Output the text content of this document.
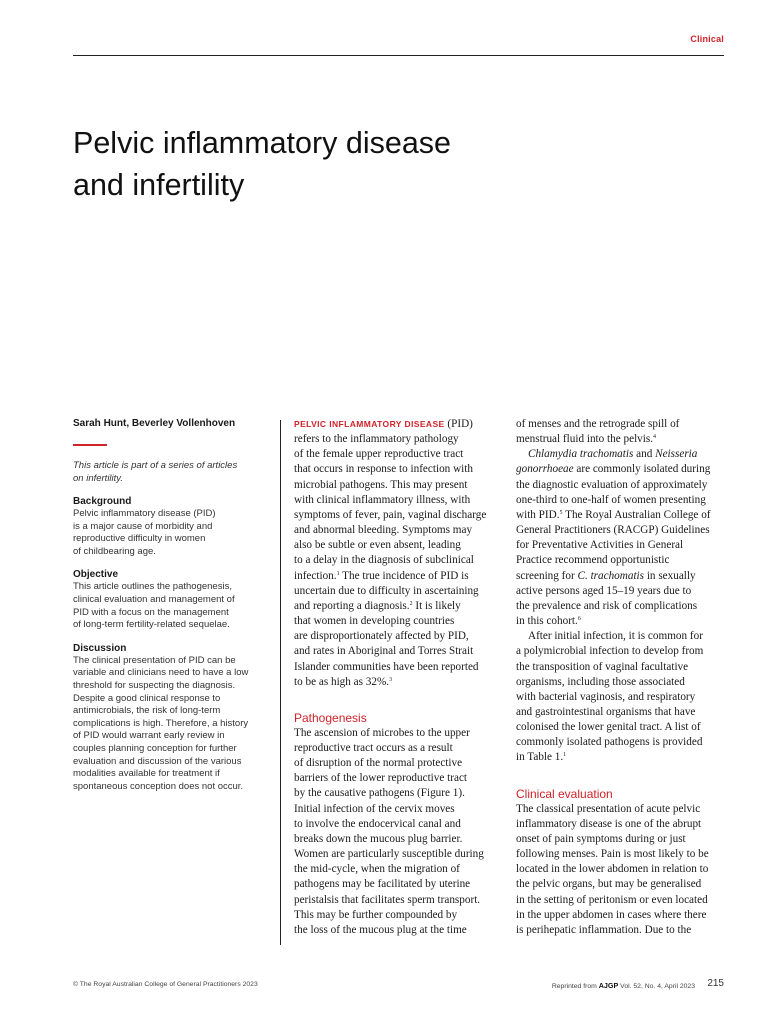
Clinical
Pelvic inflammatory disease
and infertility

Sarah Hunt, Beverley Vollenhoven

This article is part of a series of articles
on infertility.
Background
Pelvic inflammatory disease (PID)
is a major cause of morbidity and
reproductive difficulty in women
of childbearing age.
Objective
This article outlines the pathogenesis,
clinical evaluation and management of
PID with a focus on the management
of long-term fertility-related sequelae.
Discussion
The clinical presentation of PID can be
variable and clinicians need to have a low
threshold for suspecting the diagnosis.
Despite a good clinical response to
antimicrobials, the risk of long-term
complications is high. Therefore, a history
of PID would warrant early review in
couples planning conception for further
evaluation and discussion of the various
modalities available for treatment if
spontaneous conception does not occur.
PELVIC INFLAMMATORY DISEASE (PID)
refers to the inflammatory pathology
of the female upper reproductive tract
that occurs in response to infection with
microbial pathogens. This may present
with clinical inflammatory illness, with
symptoms of fever, pain, vaginal discharge
and abnormal bleeding. Symptoms may
also be subtle or even absent, leading
to a delay in the diagnosis of subclinical
infection.$^1$ The true incidence of PID is
uncertain due to difficulty in ascertaining
and reporting a diagnosis.$^2$ It is likely
that women in developing countries
are disproportionately affected by PID,
and rates in Aboriginal and Torres Strait
Islander communities have been reported
to be as high as 32%.$^3$
Pathogenesis
The ascension of microbes to the upper
reproductive tract occurs as a result
of disruption of the normal protective
barriers of the lower reproductive tract
by the causative pathogens (Figure 1).
Initial infection of the cervix moves
to involve the endocervical canal and
breaks down the mucous plug barrier.
Women are particularly susceptible during
the mid-cycle, when the migration of
pathogens may be facilitated by uterine
peristalsis that facilitates sperm transport.
This may be further compounded by
the loss of the mucous plug at the time
of menses and the retrograde spill of
menstrual fluid into the pelvis.$^4$
Chlamydia trachomatis and Neisseria
gonorrhoeae are commonly isolated during
the diagnostic evaluation of approximately
one-third to one-half of women presenting
with PID.$^5$ The Royal Australian College of
General Practitioners (RACGP) Guidelines
for Preventative Activities in General
Practice recommend opportunistic
screening for C. trachomatis in sexually
active persons aged 15–19 years due to
the prevalence and risk of complications
in this cohort.$^6$
After initial infection, it is common for
a polymicrobial infection to develop from
the transposition of vaginal facultative
organisms, including those associated
with bacterial vaginosis, and respiratory
and gastrointestinal organisms that have
colonised the lower genital tract. A list of
commonly isolated pathogens is provided
in Table 1.$^1$
Clinical evaluation
The classical presentation of acute pelvic
inflammatory disease is one of the abrupt
onset of pain symptoms during or just
following menses. Pain is most likely to be
located in the lower abdomen in relation to
the pelvic organs, but may be generalised
in the setting of peritonism or even located
in the upper abdomen in cases where there
is perihepatic inflammation. Due to the
© The Royal Australian College of General Practitioners 2023	Reprinted from AJGP Vol. 52, No. 4, April 2023 215
